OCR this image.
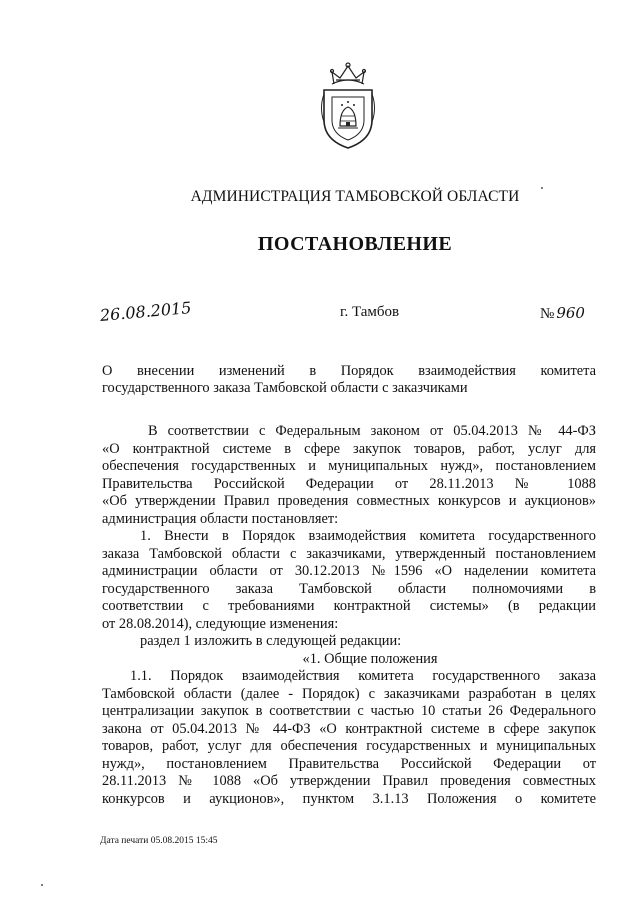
АДМИНИСТРАЦИЯ ТАМБОВСКОЙ ОБЛАСТИ
ПОСТАНОВЛЕНИЕ
26.08.2015	г. Тамбов	№ 960
О внесении изменений в Порядок взаимодействия комитета
государственного заказа Тамбовской области с заказчиками
В соответствии с Федеральным законом от 05.04.2013 № 44-ФЗ
«О контрактной системе в сфере закупок товаров, работ, услуг для
обеспечения государственных и муниципальных нужд», постановлением
Правительства Российской Федерации от 28.11.2013 № 1088
«Об утверждении Правил проведения совместных конкурсов и аукционов»
администрация области постановляет:
1. Внести в Порядок взаимодействия комитета государственного
заказа Тамбовской области с заказчиками, утвержденный постановлением
администрации области от 30.12.2013 №1596 «О наделении комитета
государственного заказа Тамбовской области полномочиями в
соответствии с требованиями контрактной системы» (в редакции
от 28.08.2014), следующие изменения:
раздел 1 изложить в следующей редакции:
«1. Общие положения
1.1. Порядок взаимодействия комитета государственного заказа
Тамбовской области (далее - Порядок) с заказчиками разработан в целях
централизации закупок в соответствии с частью 10 статьи 26 Федерального
закона от 05.04.2013 № 44-ФЗ «О контрактной системе в сфере закупок
товаров, работ, услуг для обеспечения государственных и муниципальных
нужд», постановлением Правительства Российской Федерации от
28.11.2013 № 1088 «Об утверждении Правил проведения совместных
конкурсов и аукционов», пунктом 3.1.13 Положения о комитете
Дата печати 05.08.2015 15:45
